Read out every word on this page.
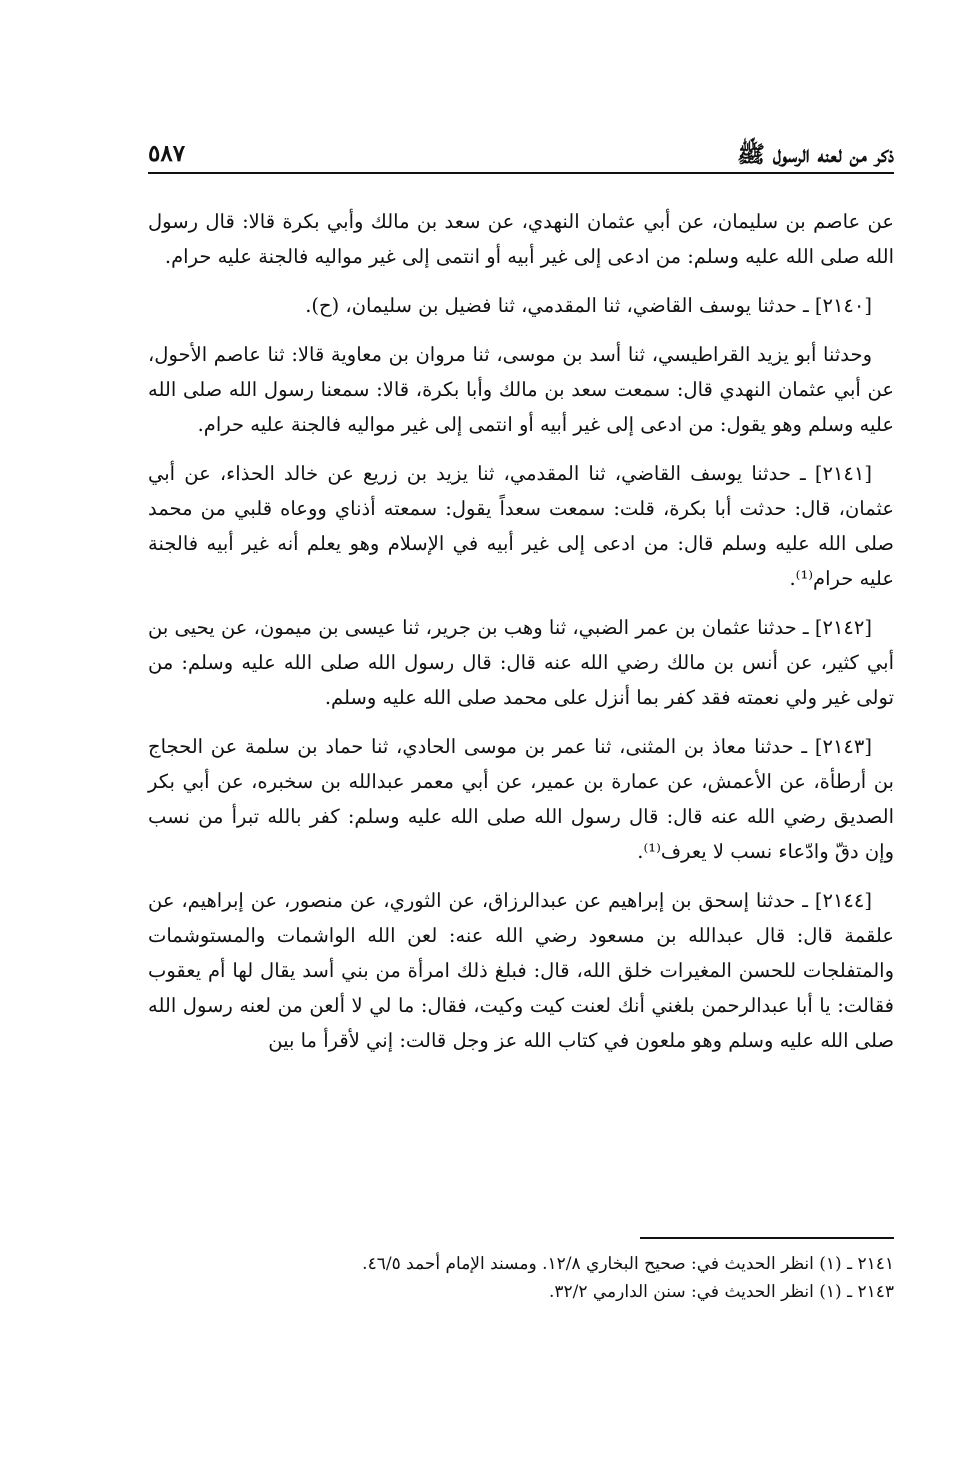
ذكر من لعنه الرسول ﷺ
٥٨٧

عن عاصم بن سليمان، عن أبي عثمان النهدي، عن سعد بن مالك وأبي بكرة قالا: قال رسول الله صلى الله عليه وسلم: من ادعى إلى غير أبيه أو انتمى إلى غير مواليه فالجنة عليه حرام.

[٢١٤٠] ـ حدثنا يوسف القاضي، ثنا المقدمي، ثنا فضيل بن سليمان، (ح).

وحدثنا أبو يزيد القراطيسي، ثنا أسد بن موسى، ثنا مروان بن معاوية قالا: ثنا عاصم الأحول، عن أبي عثمان النهدي قال: سمعت سعد بن مالك وأبا بكرة، قالا: سمعنا رسول الله صلى الله عليه وسلم وهو يقول: من ادعى إلى غير أبيه أو انتمى إلى غير مواليه فالجنة عليه حرام.

[٢١٤١] ـ حدثنا يوسف القاضي، ثنا المقدمي، ثنا يزيد بن زريع عن خالد الحذاء، عن أبي عثمان، قال: حدثت أبا بكرة، قلت: سمعت سعداً يقول: سمعته أذناي ووعاه قلبي من محمد صلى الله عليه وسلم قال: من ادعى إلى غير أبيه في الإسلام وهو يعلم أنه غير أبيه فالجنة عليه حرام⁽¹⁾.

[٢١٤٢] ـ حدثنا عثمان بن عمر الضبي، ثنا وهب بن جرير، ثنا عيسى بن ميمون، عن يحيى بن أبي كثير، عن أنس بن مالك رضي الله عنه قال: قال رسول الله صلى الله عليه وسلم: من تولى غير ولي نعمته فقد كفر بما أنزل على محمد صلى الله عليه وسلم.

[٢١٤٣] ـ حدثنا معاذ بن المثنى، ثنا عمر بن موسى الحادي، ثنا حماد بن سلمة عن الحجاج بن أرطأة، عن الأعمش، عن عمارة بن عمير، عن أبي معمر عبدالله بن سخبره، عن أبي بكر الصديق رضي الله عنه قال: قال رسول الله صلى الله عليه وسلم: كفر بالله تبرأ من نسب وإن دقّ وادّعاء نسب لا يعرف⁽¹⁾.

[٢١٤٤] ـ حدثنا إسحق بن إبراهيم عن عبدالرزاق، عن الثوري، عن منصور، عن إبراهيم، عن علقمة قال: قال عبدالله بن مسعود رضي الله عنه: لعن الله الواشمات والمستوشمات والمتفلجات للحسن المغيرات خلق الله، قال: فبلغ ذلك امرأة من بني أسد يقال لها أم يعقوب فقالت: يا أبا عبدالرحمن بلغني أنك لعنت كيت وكيت، فقال: ما لي لا ألعن من لعنه رسول الله صلى الله عليه وسلم وهو ملعون في كتاب الله عز وجل قالت: إني لأقرأ ما بين

٢١٤١ ـ (١) انظر الحديث في: صحيح البخاري ١٢/٨. ومسند الإمام أحمد ٤٦/٥.

٢١٤٣ ـ (١) انظر الحديث في: سنن الدارمي ٣٢/٢.
